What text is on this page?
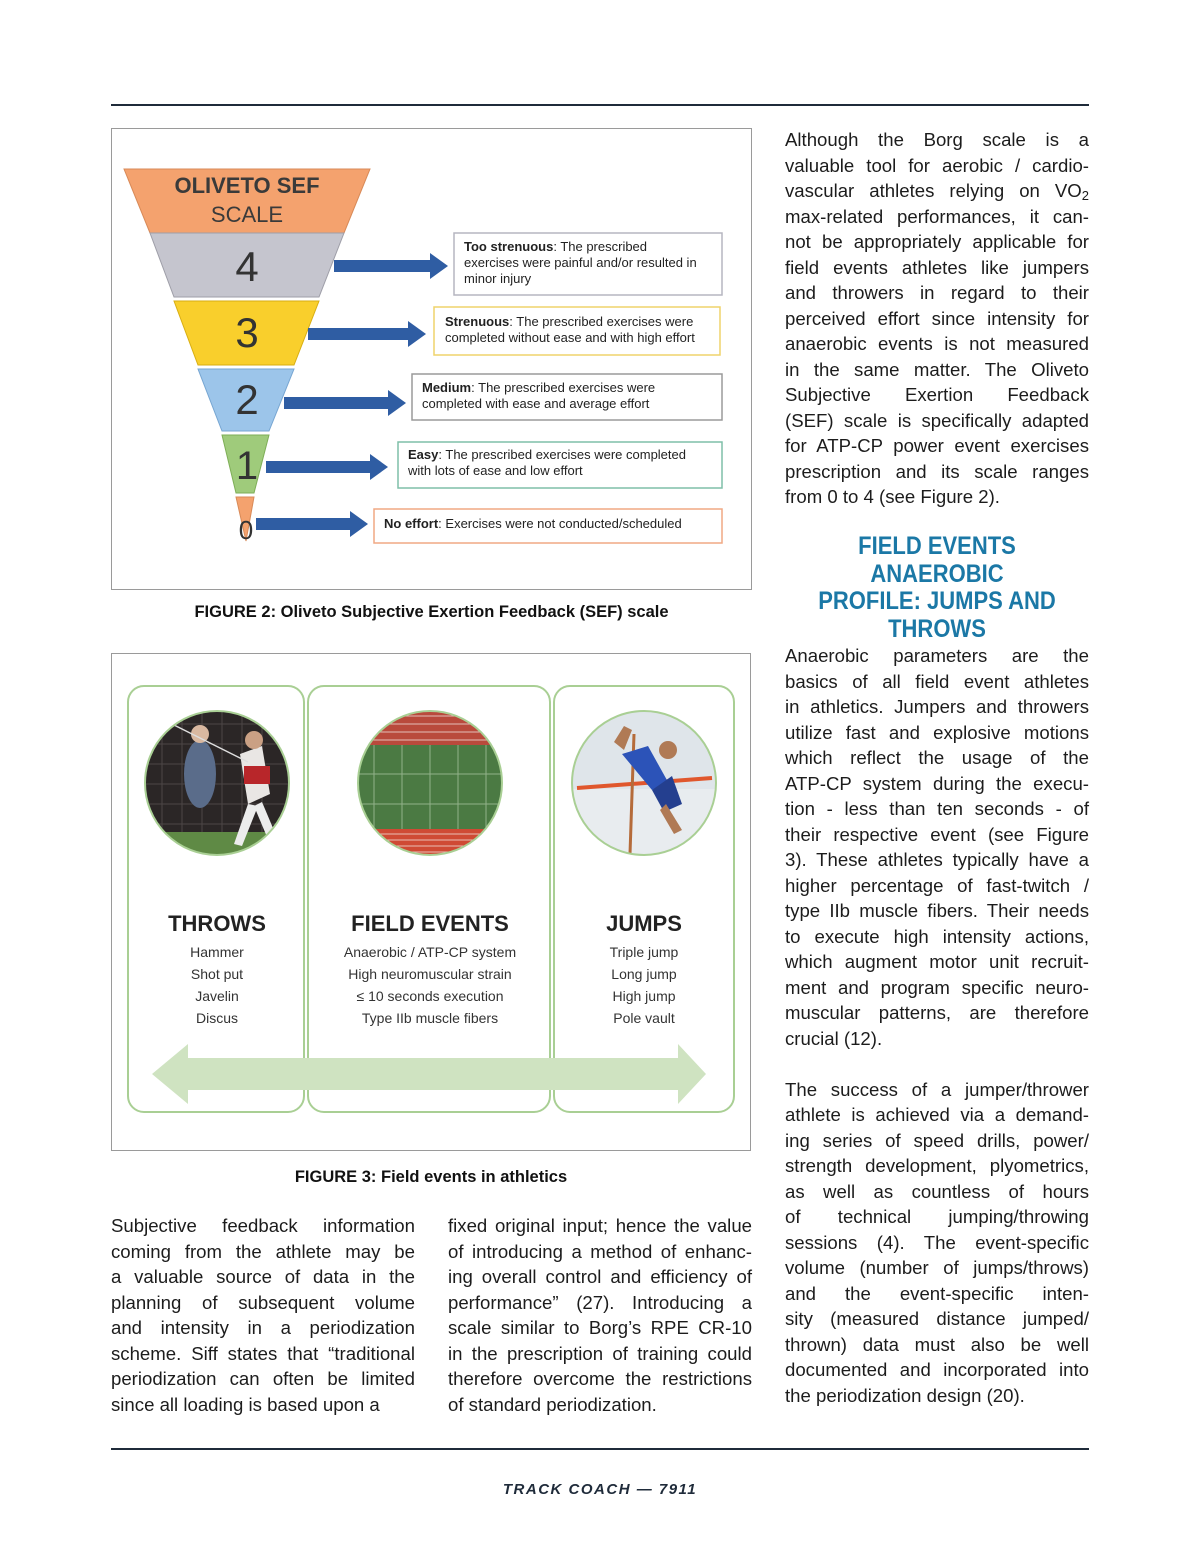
OLIVETO SEF
SCALE
4
3
2
1
0
Too strenuous: The prescribed
exercises were painful and/or resulted in
minor injury
Strenuous: The prescribed exercises were
completed without ease and with high effort
Medium: The prescribed exercises were
completed with ease and average effort
Easy: The prescribed exercises were completed
with lots of ease and low effort
No effort: Exercises were not conducted/scheduled
FIGURE 2: Oliveto Subjective Exertion Feedback (SEF) scale
THROWS	FIELD EVENTS	JUMPS
Hammer
Shot put
Javelin
Discus
Anaerobic / ATP-CP system
High neuromuscular strain
≤ 10 seconds execution
Type IIb muscle fibers
Triple jump
Long jump
High jump
Pole vault
FIGURE 3: Field events in athletics
Although the Borg scale is a
valuable tool for aerobic / cardio-
vascular athletes relying on $VO_2$
max-related performances, it can-
not be appropriately applicable for
field events athletes like jumpers
and throwers in regard to their
perceived effort since intensity for
anaerobic events is not measured
in the same matter. The Oliveto
Subjective Exertion Feedback
(SEF) scale is specifically adapted
for ATP-CP power event exercises
prescription and its scale ranges
from 0 to 4 (see Figure 2).
FIELD EVENTS ANAEROBIC
PROFILE: JUMPS AND
THROWS
Anaerobic parameters are the
basics of all field event athletes
in athletics. Jumpers and throwers
utilize fast and explosive motions
which reflect the usage of the
ATP-CP system during the execu-
tion - less than ten seconds - of
their respective event (see Figure
3). These athletes typically have a
higher percentage of fast-twitch /
type IIb muscle fibers. Their needs
to execute high intensity actions,
which augment motor unit recruit-
ment and program specific neuro-
muscular patterns, are therefore
crucial (12).
The success of a jumper/thrower
athlete is achieved via a demand-
ing series of speed drills, power/
strength development, plyometrics,
as well as countless of hours
of technical jumping/throwing
sessions (4). The event-specific
volume (number of jumps/throws)
and the event-specific inten-
sity (measured distance jumped/
thrown) data must also be well
documented and incorporated into
the periodization design (20).
Subjective feedback information
coming from the athlete may be
a valuable source of data in the
planning of subsequent volume
and intensity in a periodization
scheme. Siff states that “traditional
periodization can often be limited
since all loading is based upon a
fixed original input; hence the value
of introducing a method of enhanc-
ing overall control and efficiency of
performance” (27). Introducing a
scale similar to Borg’s RPE CR-10
in the prescription of training could
therefore overcome the restrictions
of standard periodization.
TRACK COACH — 7911
